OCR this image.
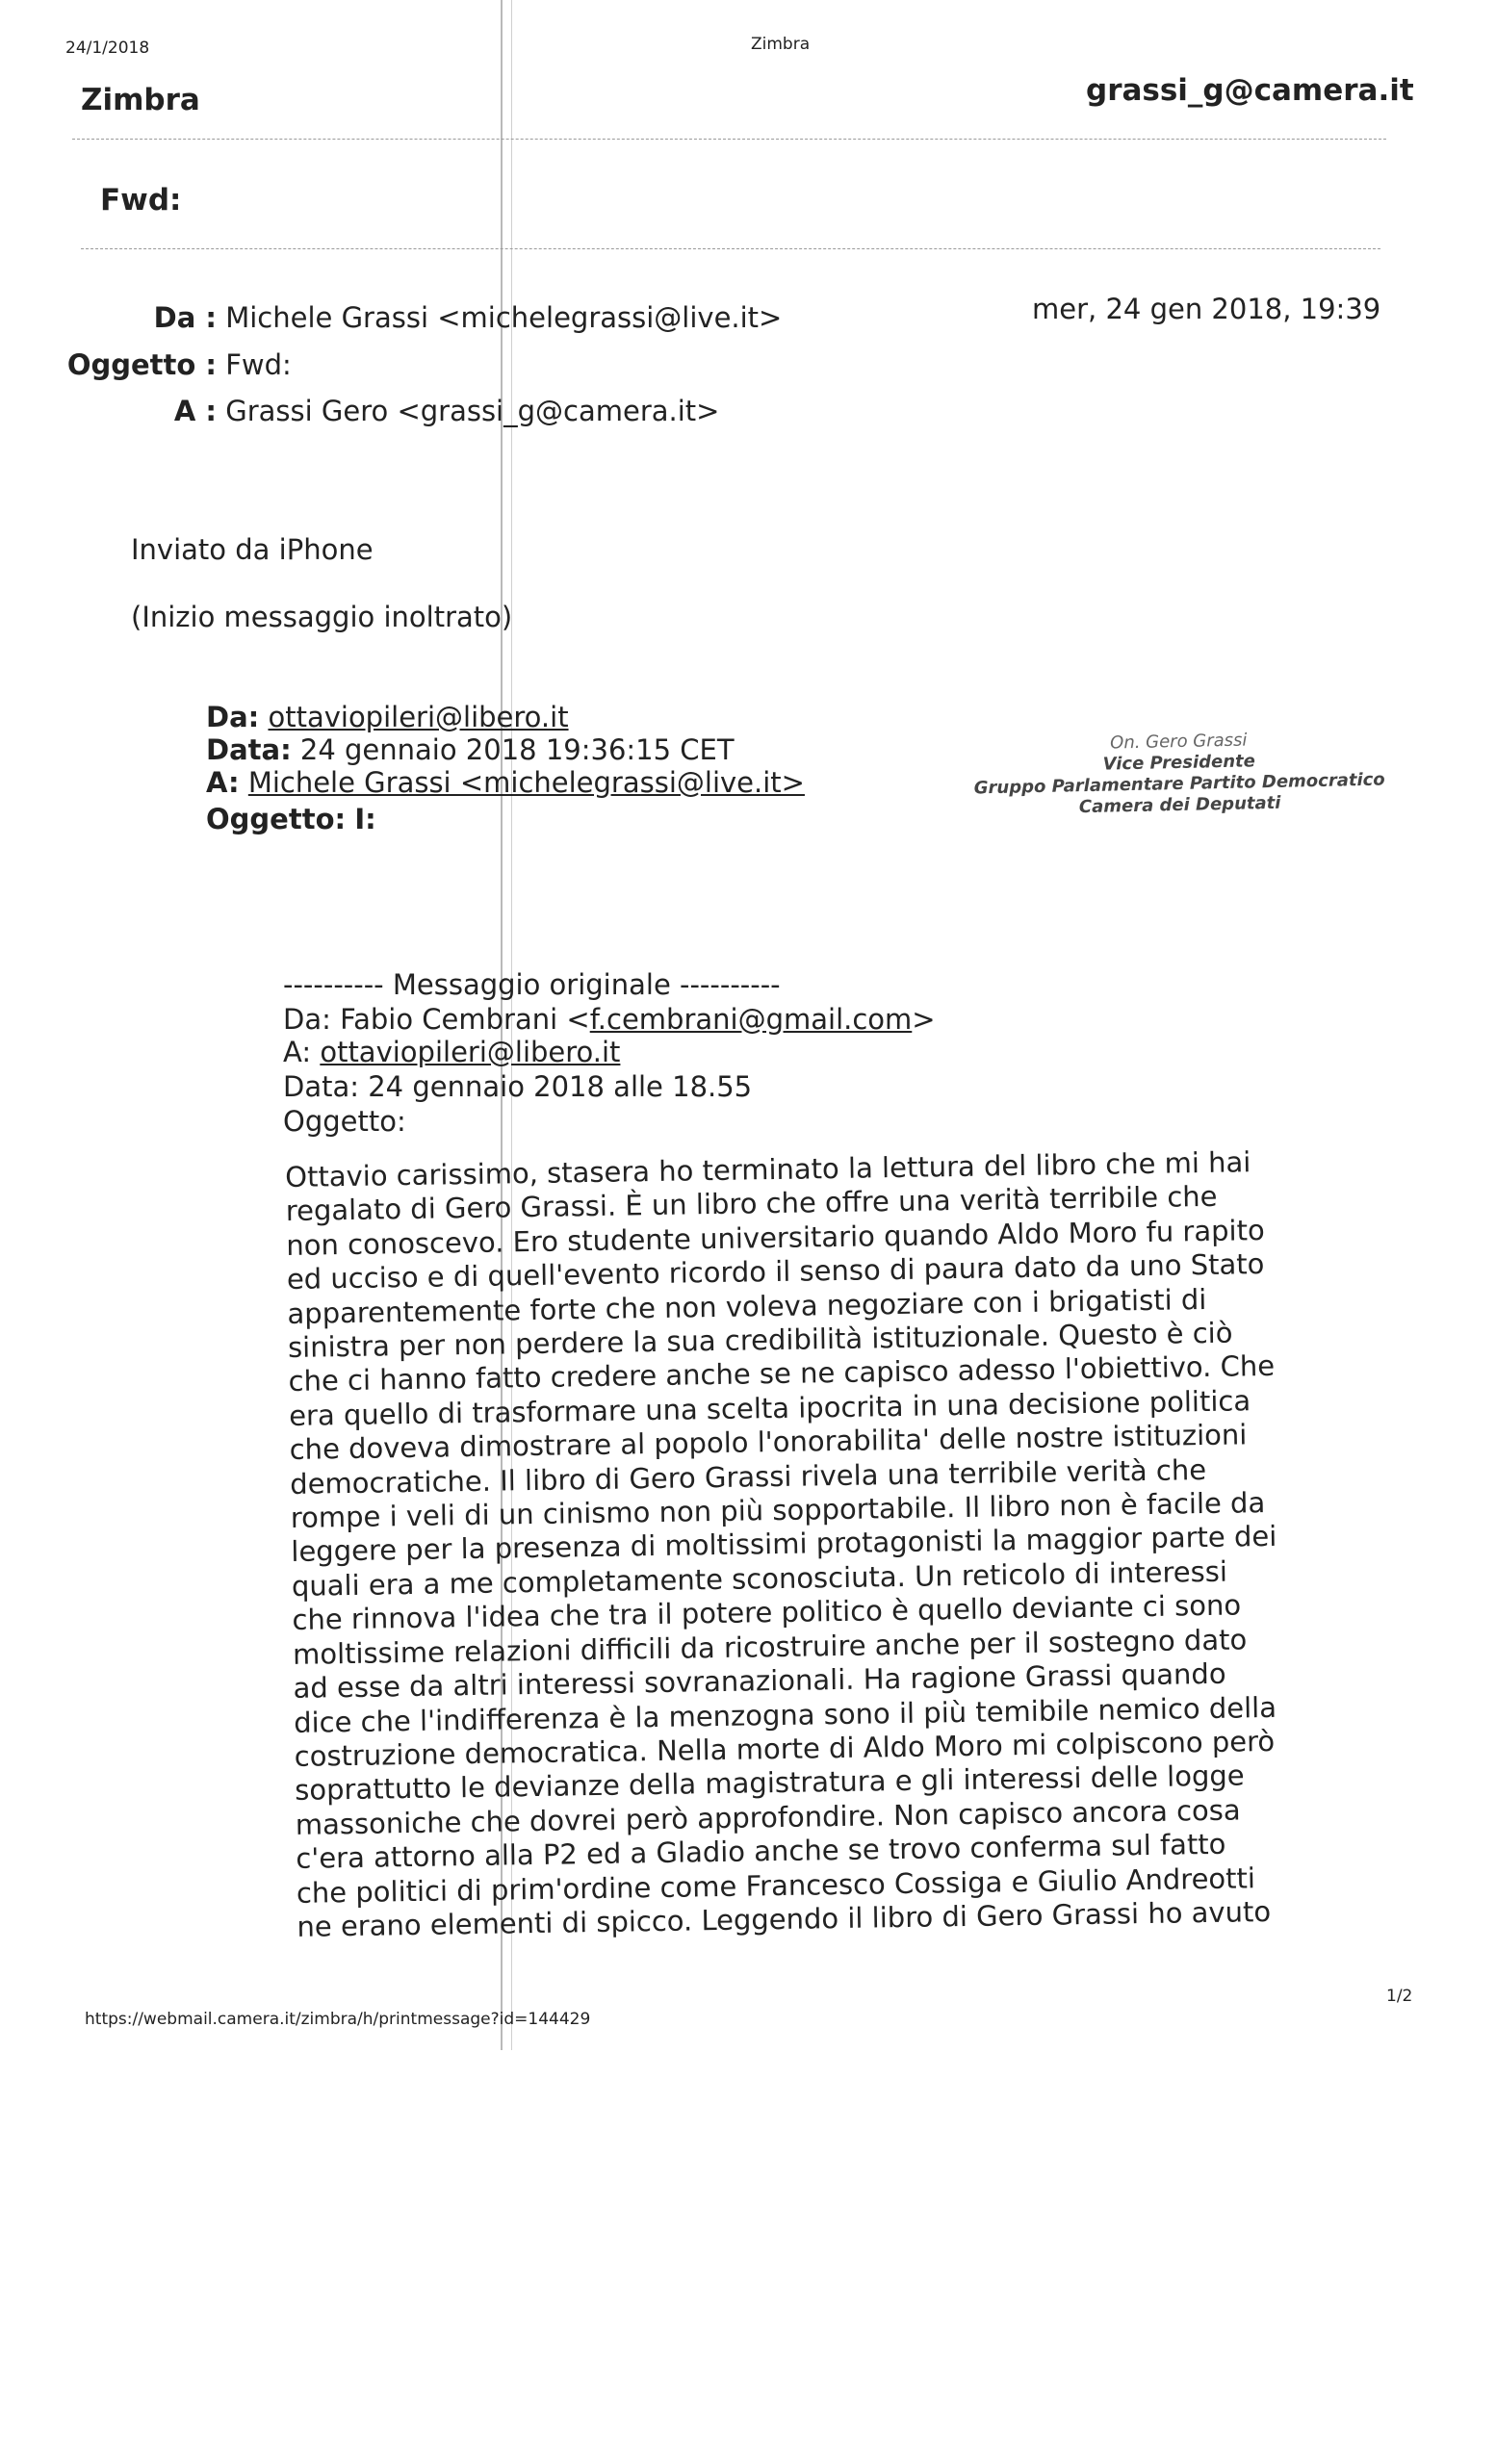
24/1/2018	Zimbra
Zimbra	grassi_g@camera.it
Fwd:
Da : Michele Grassi <michelegrassi@live.it>
Oggetto : Fwd:
A : Grassi Gero <grassi_g@camera.it>
mer, 24 gen 2018, 19:39
Inviato da iPhone
(Inizio messaggio inoltrato)
Da: ottaviopileri@libero.it
Data: 24 gennaio 2018 19:36:15 CET
A: Michele Grassi <michelegrassi@live.it>
Oggetto: I:
On. Gero Grassi
Vice Presidente
Gruppo Parlamentare Partito Democratico
Camera dei Deputati
---------- Messaggio originale ----------
Da: Fabio Cembrani <f.cembrani@gmail.com>
A: ottaviopileri@libero.it
Data: 24 gennaio 2018 alle 18.55
Oggetto:
Ottavio carissimo, stasera ho terminato la lettura del libro che mi hai
regalato di Gero Grassi. È un libro che offre una verità terribile che
non conoscevo. Ero studente universitario quando Aldo Moro fu rapito
ed ucciso e di quell'evento ricordo il senso di paura dato da uno Stato
apparentemente forte che non voleva negoziare con i brigatisti di
sinistra per non perdere la sua credibilità istituzionale. Questo è ciò
che ci hanno fatto credere anche se ne capisco adesso l'obiettivo. Che
era quello di trasformare una scelta ipocrita in una decisione politica
che doveva dimostrare al popolo l'onorabilita' delle nostre istituzioni
democratiche. Il libro di Gero Grassi rivela una terribile verità che
rompe i veli di un cinismo non più sopportabile. Il libro non è facile da
leggere per la presenza di moltissimi protagonisti la maggior parte dei
quali era a me completamente sconosciuta. Un reticolo di interessi
che rinnova l'idea che tra il potere politico è quello deviante ci sono
moltissime relazioni difficili da ricostruire anche per il sostegno dato
ad esse da altri interessi sovranazionali. Ha ragione Grassi quando
dice che l'indifferenza è la menzogna sono il più temibile nemico della
costruzione democratica. Nella morte di Aldo Moro mi colpiscono però
soprattutto le devianze della magistratura e gli interessi delle logge
massoniche che dovrei però approfondire. Non capisco ancora cosa
c'era attorno alla P2 ed a Gladio anche se trovo conferma sul fatto
che politici di prim'ordine come Francesco Cossiga e Giulio Andreotti
ne erano elementi di spicco. Leggendo il libro di Gero Grassi ho avuto
https://webmail.camera.it/zimbra/h/printmessage?id=144429
1/2
